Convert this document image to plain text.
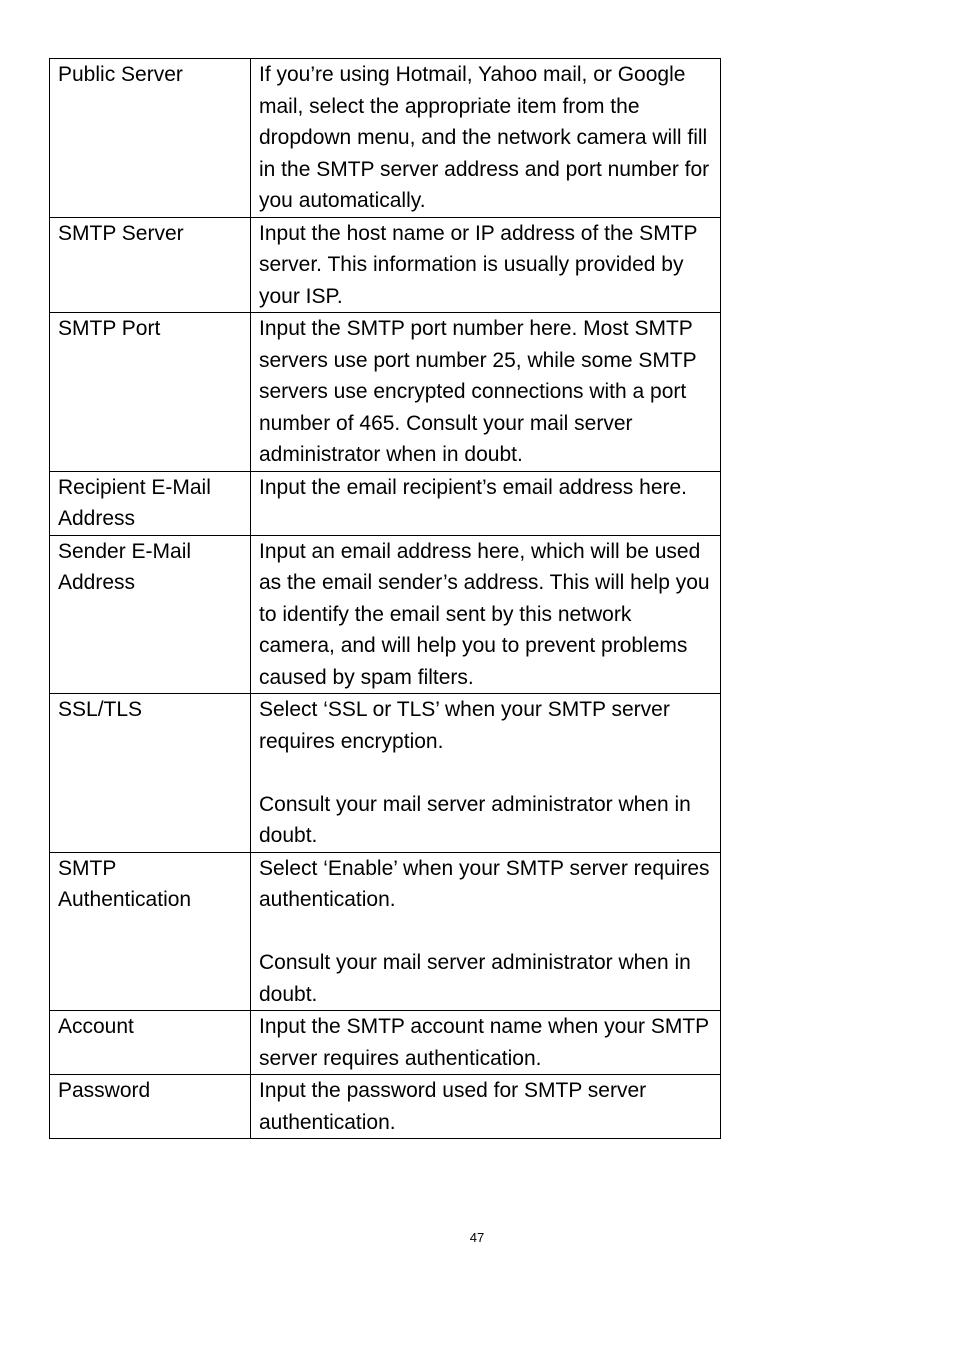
Public Server	If you’re using Hotmail, Yahoo mail, or Google mail, select the appropriate item from the dropdown menu, and the network camera will fill in the SMTP server address and port number for you automatically.
SMTP Server	Input the host name or IP address of the SMTP server. This information is usually provided by your ISP.
SMTP Port	Input the SMTP port number here. Most SMTP servers use port number 25, while some SMTP servers use encrypted connections with a port number of 465. Consult your mail server administrator when in doubt.
Recipient E-Mail Address	Input the email recipient’s email address here.
Sender E-Mail Address	Input an email address here, which will be used as the email sender’s address. This will help you to identify the email sent by this network camera, and will help you to prevent problems caused by spam filters.
SSL/TLS	Select ‘SSL or TLS’ when your SMTP server requires encryption.
Consult your mail server administrator when in doubt.

SMTP Authentication	Select ‘Enable’ when your SMTP server requires authentication.
Consult your mail server administrator when in doubt.

Account	Input the SMTP account name when your SMTP server requires authentication.
Password	Input the password used for SMTP server authentication.
47
